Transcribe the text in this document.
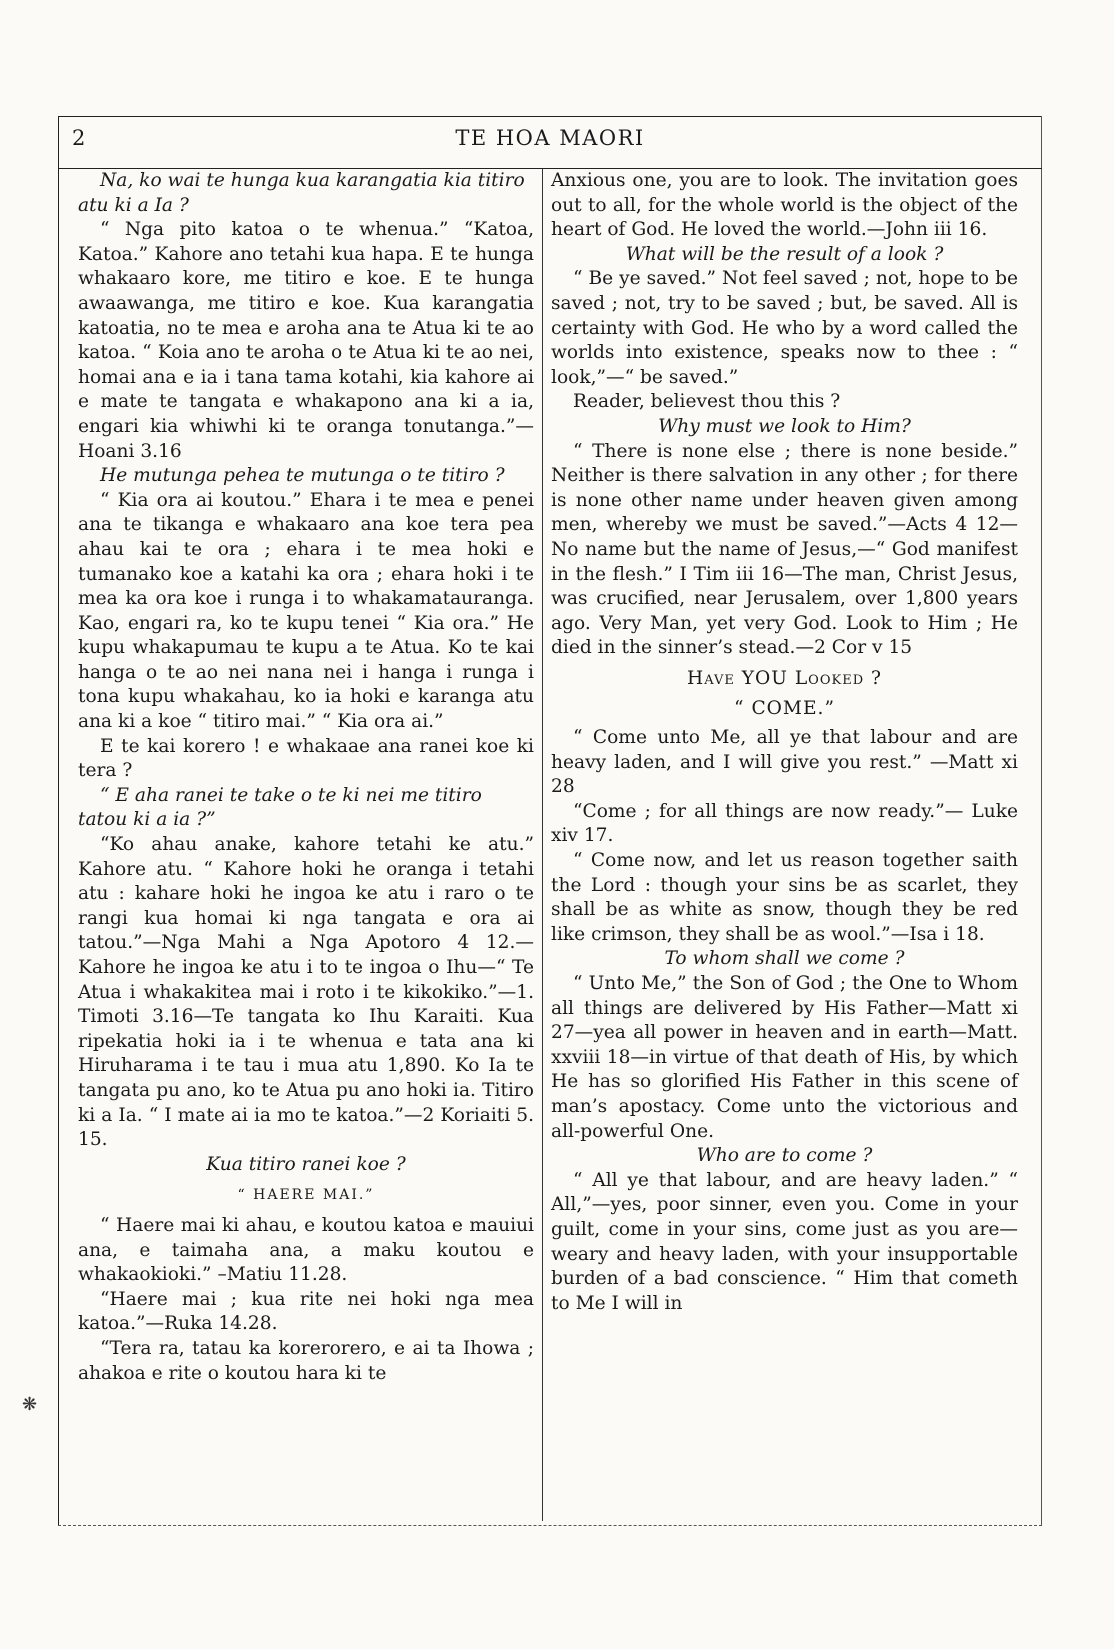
2	TE HOA MAORI

Na, ko wai te hunga kua karangatia kia titiro atu ki a Ia ?

“ Nga pito katoa o te whenua.” “Katoa, Katoa.” Kahore ano tetahi kua hapa. E te hunga whakaaro kore, me titiro e koe. E te hunga awaawanga, me titiro e koe. Kua karangatia katoatia, no te mea e aroha ana te Atua ki te ao katoa. “ Koia ano te aroha o te Atua ki te ao nei, homai ana e ia i tana tama kotahi, kia kahore ai e mate te tangata e whakapono ana ki a ia, engari kia whiwhi ki te oranga tonutanga.”—Hoani 3.16

He mutunga pehea te mutunga o te titiro ?

“ Kia ora ai koutou.” Ehara i te mea e penei ana te tikanga e whakaaro ana koe tera pea ahau kai te ora ; ehara i te mea hoki e tumanako koe a katahi ka ora ; ehara hoki i te mea ka ora koe i runga i to whakamataurangа. Kao, engari ra, ko te kupu tenei “ Kia ora.” He kupu whakapumau te kupu a te Atua. Ko te kai hanga o te ao nei nana nei i hanga i runga i tona kupu whakahau, ko ia hoki e karanga atu ana ki a koe “ titiro mai.” “ Kia ora ai.”

E te kai korero ! e whakaae ana ranei koe ki tera ?

“ E aha ranei te take o te ki nei me titiro tatou ki a ia ?”

“Ko ahau anake, kahore tetahi ke atu.” Kahore atu. “ Kahore hoki he oranga i tetahi atu : kahare hoki he ingoa ke atu i raro o te rangi kua homai ki nga tangata e ora ai tatou.”—Nga Mahi a Nga Apotoro 4 12.—Kahore he ingoa ke atu i to te ingoa o Ihu—“ Te Atua i whakakitea mai i roto i te kikokiko.”—1. Timoti 3.16—Te tangata ko Ihu Karaiti. Kua ripekatia hoki ia i te whenua e tata ana ki Hiruharama i te tau i mua atu 1,890. Ko Ia te tangata pu ano, ko te Atua pu ano hoki ia. Titiro ki a Ia. “ I mate ai ia mo te katoa.”—2 Koriaiti 5. 15.

Kua titiro ranei koe ?

“ HAERE MAI.”

“ Haere mai ki ahau, e koutou katoa e mauiui ana, e taimaha ana, a maku koutou e whakaokioki.” –Matiu 11.28.

“Haere mai ; kua rite nei hoki nga mea katoa.”—Ruka 14.28.

“Tera ra, tatau ka korerorero, e ai ta Ihowa ; ahakoa e rite o koutou hara ki te

Anxious one, you are to look. The invitation goes out to all, for the whole world is the object of the heart of God. He loved the world.—John iii 16.

What will be the result of a look ?

“ Be ye saved.” Not feel saved ; not, hope to be saved ; not, try to be saved ; but, be saved. All is certainty with God. He who by a word called the worlds into existence, speaks now to thee : “ look,”—“ be saved.”

Reader, believest thou this ?

Why must we look to Him?

“ There is none else ; there is none beside.” Neither is there salvation in any other ; for there is none other name under heaven given among men, whereby we must be saved.”—Acts 4 12—No name but the name of Jesus,—“ God manifest in the flesh.” I Tim iii 16—The man, Christ Jesus, was crucified, near Jerusalem, over 1,800 years ago. Very Man, yet very God. Look to Him ; He died in the sinner’s stead.—2 Cor v 15

Have YOU Looked ?

“ COME.”

“ Come unto Me, all ye that labour and are heavy laden, and I will give you rest.” —Matt xi 28

“Come ; for all things are now ready.”— Luke xiv 17.

“ Come now, and let us reason together saith the Lord : though your sins be as scarlet, they shall be as white as snow, though they be red like crimson, they shall be as wool.”—Isa i 18.

To whom shall we come ?

“ Unto Me,” the Son of God ; the One to Whom all things are delivered by His Father—Matt xi 27—yea all power in heaven and in earth—Matt. xxviii 18—in virtue of that death of His, by which He has so glorified His Father in this scene of man’s apostacy. Come unto the victorious and all-powerful One.

Who are to come ?

“ All ye that labour, and are heavy laden.” “ All,”—yes, poor sinner, even you. Come in your guilt, come in your sins, come just as you are—weary and heavy laden, with your insupportable burden of a bad conscience. “ Him that cometh to Me I will in

❋
